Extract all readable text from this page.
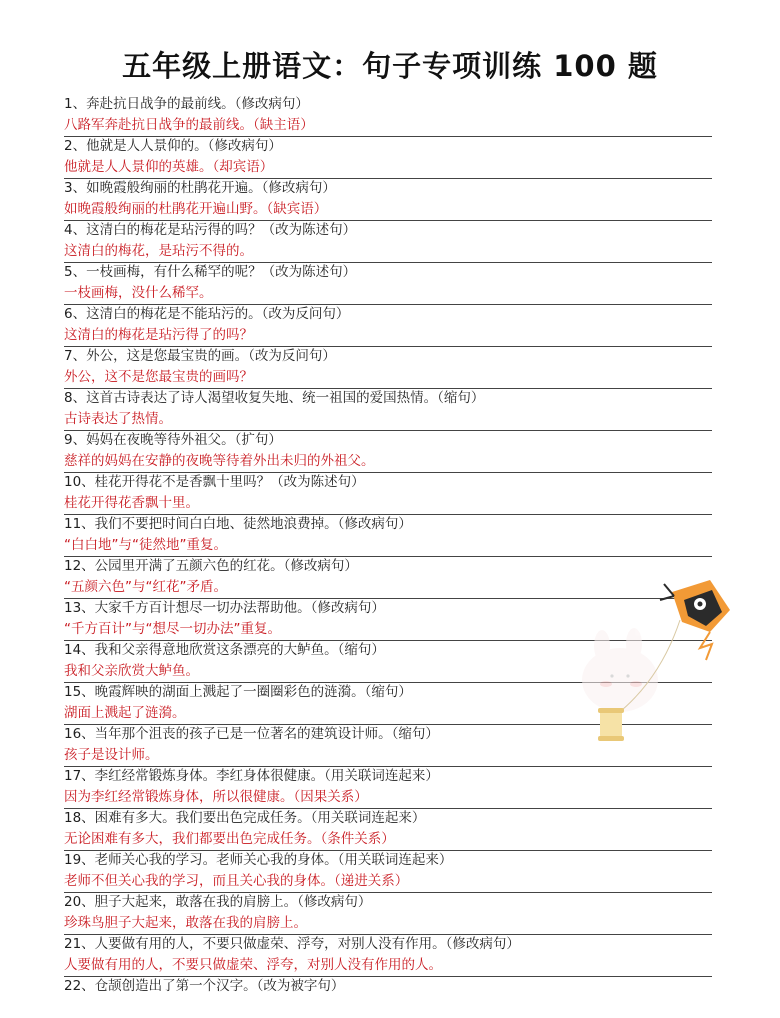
五年级上册语文：句子专项训练 100 题
1、奔赴抗日战争的最前线。（修改病句）
八路军奔赴抗日战争的最前线。（缺主语）
2、他就是人人景仰的。（修改病句）
他就是人人景仰的英雄。（却宾语）
3、如晚霞般绚丽的杜鹃花开遍。（修改病句）
如晚霞般绚丽的杜鹃花开遍山野。（缺宾语）
4、这清白的梅花是玷污得的吗？（改为陈述句）
这清白的梅花，是玷污不得的。
5、一枝画梅，有什么稀罕的呢？（改为陈述句）
一枝画梅，没什么稀罕。
6、这清白的梅花是不能玷污的。（改为反问句）
这清白的梅花是玷污得了的吗？
7、外公，这是您最宝贵的画。（改为反问句）
外公，这不是您最宝贵的画吗？
8、这首古诗表达了诗人渴望收复失地、统一祖国的爱国热情。（缩句）
古诗表达了热情。
9、妈妈在夜晚等待外祖父。（扩句）
慈祥的妈妈在安静的夜晚等待着外出未归的外祖父。
10、桂花开得花不是香飘十里吗？（改为陈述句）
桂花开得花香飘十里。
11、我们不要把时间白白地、徒然地浪费掉。（修改病句）
“白白地”与“徒然地”重复。
12、公园里开满了五颜六色的红花。（修改病句）
“五颜六色”与“红花”矛盾。
13、大家千方百计想尽一切办法帮助他。（修改病句）
“千方百计”与“想尽一切办法”重复。
14、我和父亲得意地欣赏这条漂亮的大鲈鱼。（缩句）
我和父亲欣赏大鲈鱼。
15、晚霞辉映的湖面上溅起了一圈圈彩色的涟漪。（缩句）
湖面上溅起了涟漪。
16、当年那个沮丧的孩子已是一位著名的建筑设计师。（缩句）
孩子是设计师。
17、李红经常锻炼身体。李红身体很健康。（用关联词连起来）
因为李红经常锻炼身体，所以很健康。（因果关系）
18、困难有多大。我们要出色完成任务。（用关联词连起来）
无论困难有多大，我们都要出色完成任务。（条件关系）
19、老师关心我的学习。老师关心我的身体。（用关联词连起来）
老师不但关心我的学习，而且关心我的身体。（递进关系）
20、胆子大起来，敢落在我的肩膀上。（修改病句）
珍珠鸟胆子大起来，敢落在我的肩膀上。
21、人要做有用的人，不要只做虚荣、浮夸，对别人没有作用。（修改病句）
人要做有用的人，不要只做虚荣、浮夸，对别人没有作用的人。
22、仓颉创造出了第一个汉字。（改为被字句）
